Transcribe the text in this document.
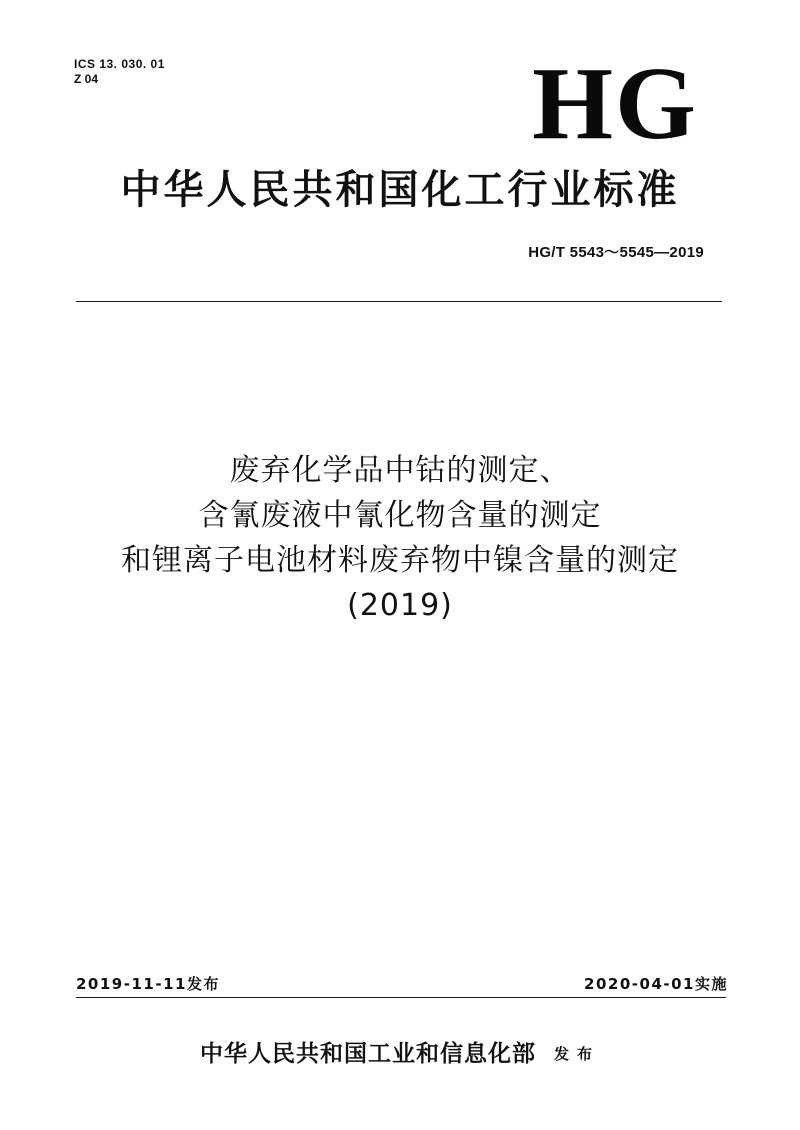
ICS 13. 030. 01
Z 04	HG
中华人民共和国化工行业标准
HG/T 5543～5545—2019
废弃化学品中钴的测定、
含氰废液中氰化物含量的测定
和锂离子电池材料废弃物中镍含量的测定
(2019)
2019-11-11发布	2020-04-01实施
中华人民共和国工业和信息化部 发布
